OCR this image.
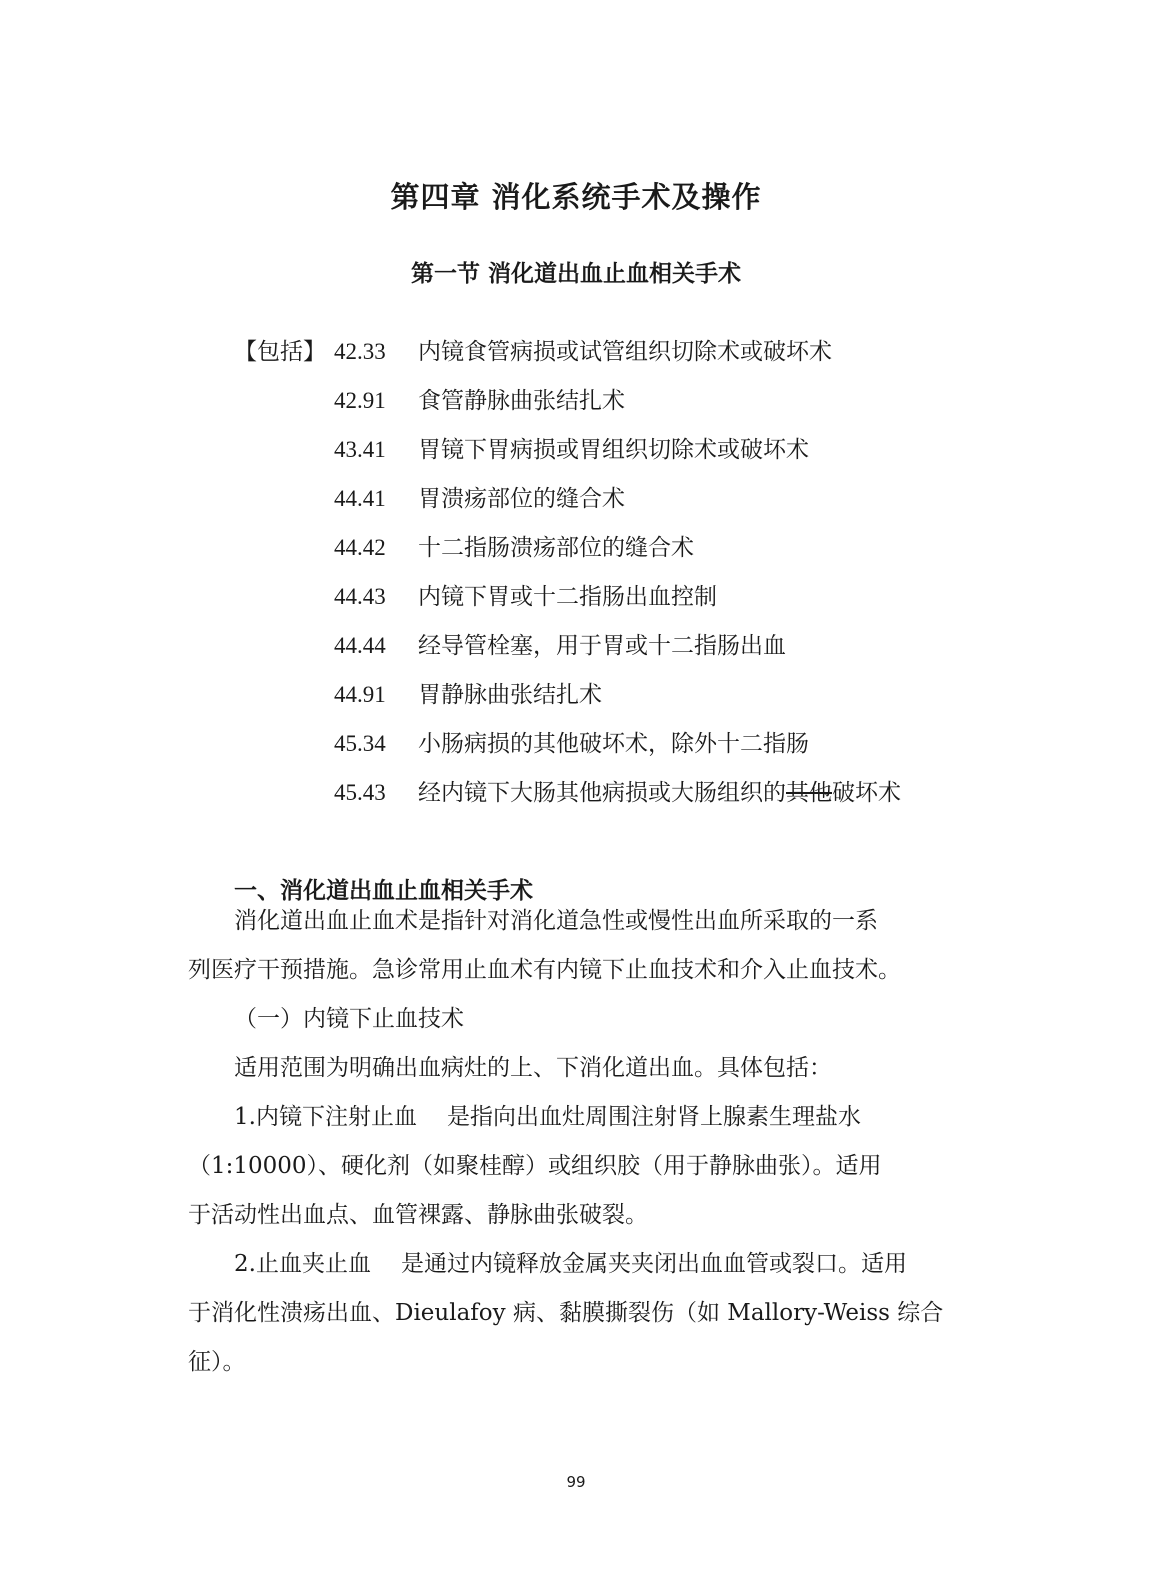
第四章 消化系统手术及操作
第一节 消化道出血止血相关手术
【包括】 42.33 内镜食管病损或试管组织切除术或破坏术
42.91 食管静脉曲张结扎术
43.41 胃镜下胃病损或胃组织切除术或破坏术
44.41 胃溃疡部位的缝合术
44.42 十二指肠溃疡部位的缝合术
44.43 内镜下胃或十二指肠出血控制
44.44 经导管栓塞，用于胃或十二指肠出血
44.91 胃静脉曲张结扎术
45.34 小肠病损的其他破坏术，除外十二指肠
45.43 经内镜下大肠其他病损或大肠组织的其他破坏术
一、消化道出血止血相关手术
消化道出血止血术是指针对消化道急性或慢性出血所采取的一系
列医疗干预措施。急诊常用止血术有内镜下止血技术和介入止血技术。
（一）内镜下止血技术
适用范围为明确出血病灶的上、下消化道出血。具体包括：
1.内镜下注射止血 是指向出血灶周围注射肾上腺素生理盐水
（1:10000）、硬化剂（如聚桂醇）或组织胶（用于静脉曲张）。适用
于活动性出血点、血管裸露、静脉曲张破裂。
2.止血夹止血 是通过内镜释放金属夹夹闭出血血管或裂口。适用
于消化性溃疡出血、Dieulafoy 病、黏膜撕裂伤（如 Mallory-Weiss 综合
征）。
99
